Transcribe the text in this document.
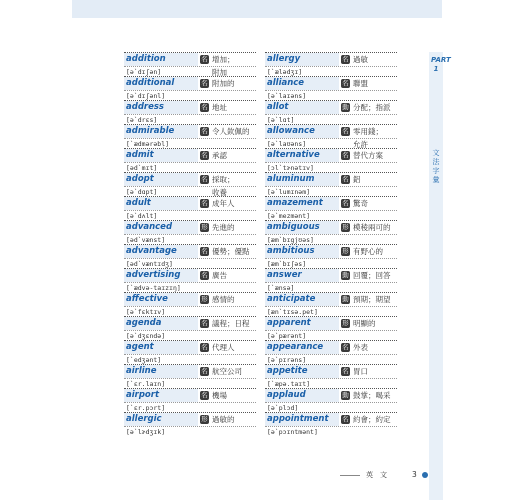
PART
1
文法字彙
addition	名 增加；
[ə`dɪʃən]	附加
additional	名 附加的
[ə`dɪʃənl]
address	名 地址
[ə`drɛs]
admirable	名 令人欽佩的
[`ædmərəbḷ]
admit	名 承認
[əd`mɪt]
adopt	名 採取；
[ə`dɑpt]	收養
adult	名 成年人
[ə`dʌlt]
advanced	形 先進的
[əd`vænst]
advantage	名 優勢；優點
[əd`væntɪdʒ]
advertising	名 廣告
[`ædvə-taɪzɪŋ]
affective	形 感情的
[ə`fɛktɪv]
agenda	名 議程；日程
[ə`dʒɛndə]
agent	名 代理人
[`edʒənt]
airline	名 航空公司
[`ɛr.laɪn]
airport	名 機場
[`ɛr.pɔrt]
allergic	形 過敏的
[ə`lɝdʒɪk]
allergy	名 過敏
[`ælədʒɪ]
alliance	名 聯盟
[ə`laɪəns]
allot	動 分配；指派
[ə`lɑt]
allowance	名 零用錢；
[ə`laʊəns]	允許
alternative	名 替代方案
[ɔl`tɝnətɪv]
aluminum	名 鋁
[ə`lumɪnəm]
amazement	名 驚奇
[ə`mezmənt]
ambiguous	形 模稜兩可的
[æm`bɪgjʊəs]
ambitious	形 有野心的
[æm`bɪʃəs]
answer	動 回覆；回答
[`ænsə]
anticipate	動 預期；期望
[æn`tɪsə.pet]
apparent	形 明顯的
[ə`pærənt]
appearance	名 外表
[ə`pɪrəns]
appetite	名 胃口
[`æpə.taɪt]
applaud	動 鼓掌；喝采
[ə`plɔd]
appointment 名 約會；約定
[ə`pɔɪntmənt]
英　文	3
